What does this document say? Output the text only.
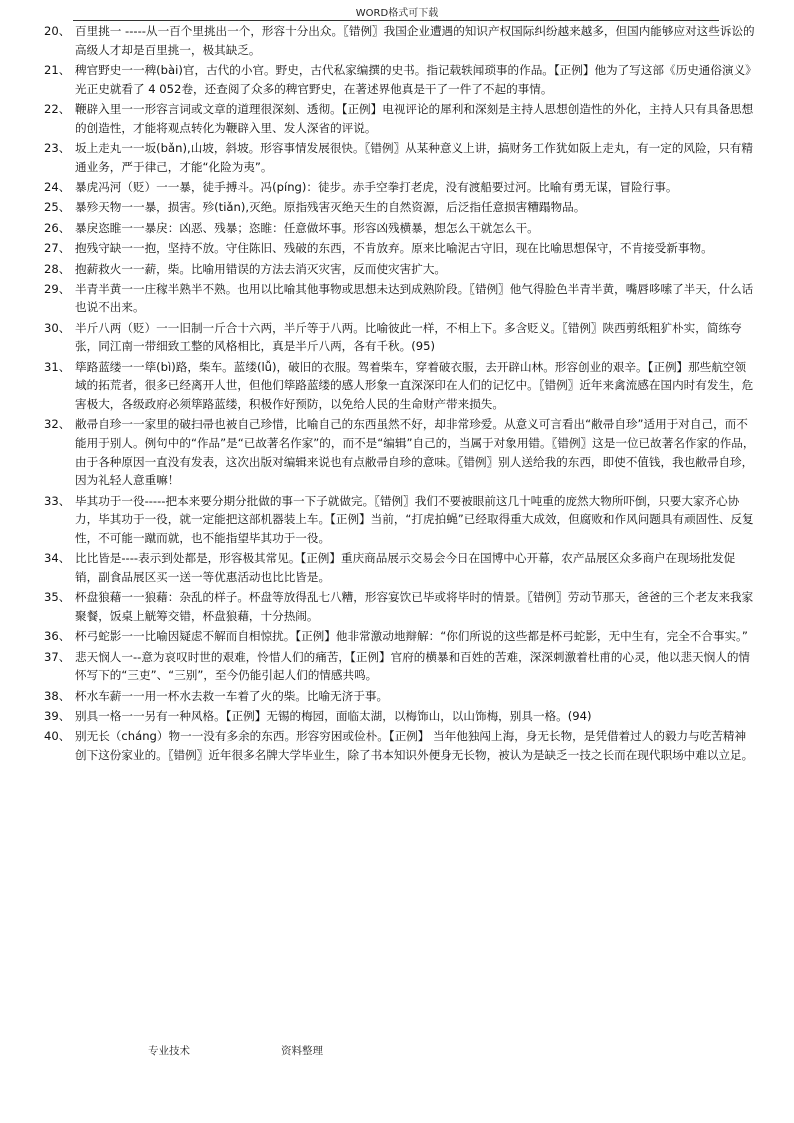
WORD格式可下载
20、 百里挑一 -----从一百个里挑出一个，形容十分出众。〖错例〗我国企业遭遇的知识产权国际纠纷越来越多，但国内能够应对这些诉讼的高级人才却是百里挑一，极其缺乏。
21、 稗官野史一一稗(bài)官，古代的小官。野史，古代私家编撰的史书。指记载轶闻琐事的作品。【正例】他为了写这部《历史通俗演义》光正史就看了 4 052卷，还查阅了众多的稗官野史，在著述界他真是干了一件了不起的事情。
22、 鞭辟入里一一形容言词或文章的道理很深刻、透彻。【正例】电视评论的犀利和深刻是主持人思想创造性的外化，主持人只有具备思想的创造性，才能将观点转化为鞭辟入里、发人深省的评说。
23、 坂上走丸一一坂(bǎn),山坡，斜坡。形容事情发展很快。〖错例〗从某种意义上讲，搞财务工作犹如阪上走丸，有一定的风险，只有精通业务，严于律己，才能“化险为夷”。
24、 暴虎冯河（贬）一一暴，徒手搏斗。冯(píng)：徒步。赤手空拳打老虎，没有渡船要过河。比喻有勇无谋，冒险行事。
25、 暴殄天物一一暴，损害。殄(tiǎn),灭绝。原指残害灭绝天生的自然资源，后泛指任意损害糟蹋物品。
26、 暴戾恣睢一一暴戾：凶恶、残暴；恣睢：任意做坏事。形容凶残横暴，想怎么干就怎么干。
27、 抱残守缺一一抱，坚持不放。守住陈旧、残破的东西，不肯放弃。原来比喻泥古守旧，现在比喻思想保守，不肯接受新事物。
28、 抱薪救火一一薪，柴。比喻用错误的方法去消灭灾害，反而使灾害扩大。
29、 半青半黄一一庄稼半熟半不熟。也用以比喻其他事物或思想未达到成熟阶段。〖错例〗他气得脸色半青半黄，嘴唇哆嗦了半天，什么话也说不出来。
30、 半斤八两（贬）一一旧制一斤合十六两，半斤等于八两。比喻彼此一样，不相上下。多含贬义。〖错例〗陕西剪纸粗犷朴实，简练夸张，同江南一带细致工整的风格相比，真是半斤八两，各有千秋。(95)
31、 筚路蓝缕一一筚(bì)路，柴车。蓝缕(lǚ)，破旧的衣服。驾着柴车，穿着破衣服，去开辟山林。形容创业的艰辛。【正例】那些航空领域的拓荒者，很多已经离开人世，但他们筚路蓝缕的感人形象一直深深印在人们的记忆中。〖错例〗近年来禽流感在国内时有发生，危害极大，各级政府必须筚路蓝缕，积极作好预防，以免给人民的生命财产带来损失。
32、 敝帚自珍一一家里的破扫帚也被自己珍惜，比喻自己的东西虽然不好，却非常珍爱。从意义可言看出“敝帚自珍”适用于对自己，而不能用于别人。例句中的“作品”是“已故著名作家”的，而不是“编辑”自己的，当属于对象用错。〖错例〗这是一位已故著名作家的作品，由于各种原因一直没有发表，这次出版对编辑来说也有点敝帚自珍的意味。〖错例〗别人送给我的东西，即使不值钱，我也敝帚自珍，因为礼轻人意重嘛！
33、 毕其功于一役-----把本来要分期分批做的事一下子就做完。〖错例〗我们不要被眼前这几十吨重的庞然大物所吓倒，只要大家齐心协力，毕其功于一役，就一定能把这部机器装上车。【正例】当前，“打虎拍蝇”已经取得重大成效，但腐败和作风问题具有顽固性、反复性，不可能一蹴而就，也不能指望毕其功于一役。
34、 比比皆是----表示到处都是，形容极其常见。【正例】重庆商品展示交易会今日在国博中心开幕，农产品展区众多商户在现场批发促销，副食品展区买一送一等优惠活动也比比皆是。
35、 杯盘狼藉一一狼藉：杂乱的样子。杯盘等放得乱七八糟，形容宴饮已毕或将毕时的情景。〖错例〗劳动节那天，爸爸的三个老友来我家聚餐，饭桌上觥筹交错，杯盘狼藉，十分热闹。
36、 杯弓蛇影一一比喻因疑虑不解而自相惊扰。【正例】他非常激动地辩解：“你们所说的这些都是杯弓蛇影，无中生有，完全不合事实。”
37、 悲天悯人一--意为哀叹时世的艰难，怜惜人们的痛苦，【正例】官府的横暴和百姓的苦难，深深刺激着杜甫的心灵，他以悲天悯人的情怀写下的“三吏”、“三别”，至今仍能引起人们的情感共鸣。
38、 杯水车薪一一用一杯水去救一车着了火的柴。比喻无济于事。
39、 别具一格一一另有一种风格。【正例】无锡的梅园，面临太湖，以梅饰山，以山饰梅，别具一格。(94)
40、 别无长（cháng）物一一没有多余的东西。形容穷困或俭朴。【正例】 当年他独闯上海，身无长物，是凭借着过人的毅力与吃苦精神创下这份家业的。〖错例〗近年很多名牌大学毕业生，除了书本知识外便身无长物，被认为是缺乏一技之长而在现代职场中难以立足。
专业技术	资料整理
